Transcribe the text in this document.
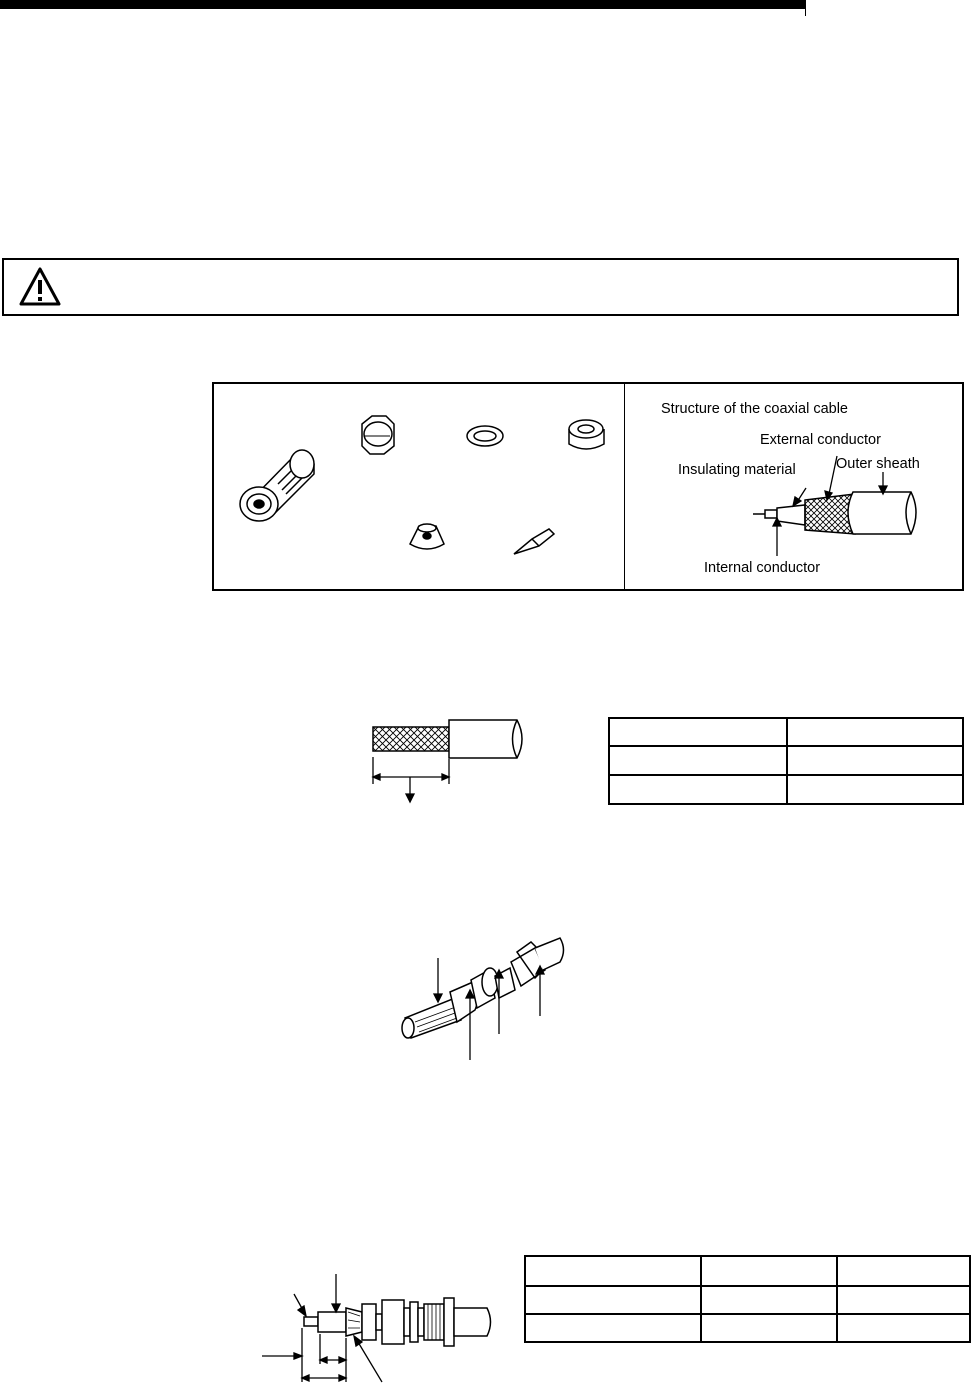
Structure of the coaxial cable
External conductor
Outer sheath
Insulating material
Internal conductor
